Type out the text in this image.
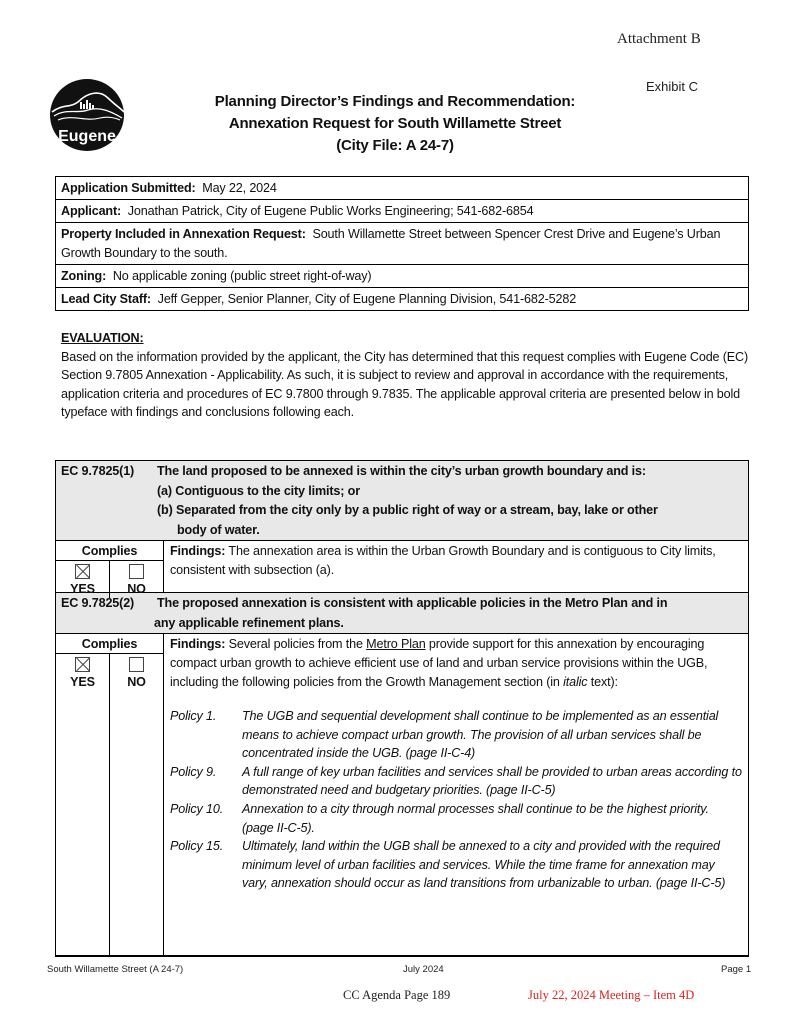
Attachment B
Exhibit C
Eugene
Planning Director’s Findings and Recommendation:
Annexation Request for South Willamette Street
(City File: A 24-7)
Application Submitted: May 22, 2024
Applicant: Jonathan Patrick, City of Eugene Public Works Engineering; 541-682-6854
Property Included in Annexation Request: South Willamette Street between Spencer Crest Drive and Eugene’s Urban Growth Boundary to the south.
Zoning: No applicable zoning (public street right-of-way)
Lead City Staff: Jeff Gepper, Senior Planner, City of Eugene Planning Division, 541-682-5282
EVALUATION:
Based on the information provided by the applicant, the City has determined that this request complies with Eugene Code (EC) Section 9.7805 Annexation - Applicability. As such, it is subject to review and approval in accordance with the requirements, application criteria and procedures of EC 9.7800 through 9.7835. The applicable approval criteria are presented below in bold typeface with findings and conclusions following each.
EC 9.7825(1)	The land proposed to be annexed is within the city’s urban growth boundary and is:
(a) Contiguous to the city limits; or
(b) Separated from the city only by a public right of way or a stream, bay, lake or other
body of water.
Complies
YES	NO
Findings: The annexation area is within the Urban Growth Boundary and is contiguous to City limits, consistent with subsection (a).
EC 9.7825(2)	The proposed annexation is consistent with applicable policies in the Metro Plan and in
any applicable refinement plans.
Complies
YES	NO
Findings: Several policies from the Metro Plan provide support for this annexation by encouraging compact urban growth to achieve efficient use of land and urban service provisions within the UGB, including the following policies from the Growth Management section (in italic text):
Policy 1.	The UGB and sequential development shall continue to be implemented as an essential means to achieve compact urban growth. The provision of all urban services shall be concentrated inside the UGB. (page II-C-4)
Policy 9.	A full range of key urban facilities and services shall be provided to urban areas according to demonstrated need and budgetary priorities. (page II-C-5)
Policy 10.	Annexation to a city through normal processes shall continue to be the highest priority. (page II-C-5).
Policy 15.	Ultimately, land within the UGB shall be annexed to a city and provided with the required minimum level of urban facilities and services. While the time frame for annexation may vary, annexation should occur as land transitions from urbanizable to urban. (page II-C-5)
South Willamette Street (A 24-7)	July 2024	Page 1
CC Agenda Page 189	July 22, 2024 Meeting – Item 4D
